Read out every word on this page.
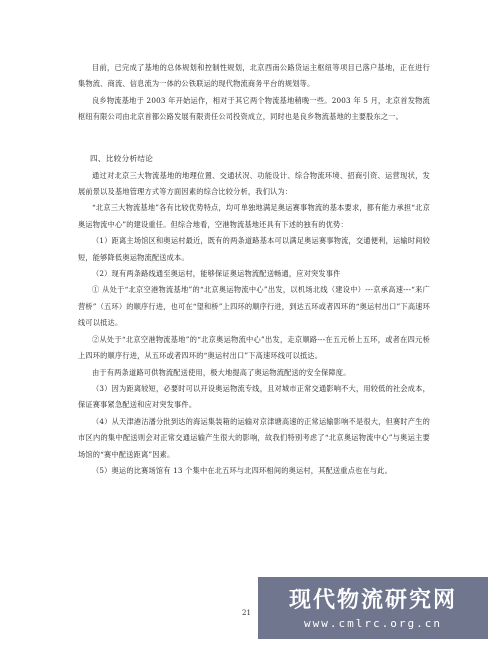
目前，已完成了基地的总体规划和控制性规划，北京西南公路货运主枢纽等项目已落户基地，正在进行集物流、商流、信息流为一体的公铁联运的现代物流商务平台的规划等。

良乡物流基地于 2003 年开始运作，相对于其它两个物流基地稍晚一些。2003 年 5 月，北京首发物流枢纽有限公司由北京首都公路发展有限责任公司投资成立，同时也是良乡物流基地的主要股东之一。

四、比较分析结论

通过对北京三大物流基地的地理位置、交通状况、功能设计、综合物流环境、招商引资、运营现状，发展前景以及基地管理方式等方面因素的综合比较分析，我们认为：

“北京三大物流基地”各有比较优势特点，均可单独地满足奥运赛事物流的基本要求，都有能力承担“北京奥运物流中心”的建设重任。但综合地看，空港物流基地还具有下述的独有的优势：

（1）距离主场馆区和奥运村最近，既有的两条道路基本可以满足奥运赛事物流，交通便利，运输时间较短，能够降低奥运物流配送成本。

（2）现有两条路线通至奥运村，能够保证奥运物流配送畅通，应对突发事件

① 从处于“北京空港物流基地”的“北京奥运物流中心”出发，以机场北线（建设中）---京承高速---“来广营桥”（五环）的顺序行进，也可在“望和桥”上四环的顺序行进，到达五环或者四环的“奥运村出口”下高速环线可以抵达。

②从处于“北京空港物流基地”的“北京奥运物流中心”出发，走京顺路---在五元桥上五环，或者在四元桥上四环的顺序行进，从五环或者四环的“奥运村出口”下高速环线可以抵达。

由于有两条道路可供物流配送使用，极大地提高了奥运物流配送的安全保障度。

（3）因为距离较短，必要时可以开设奥运物流专线，且对城市正常交通影响不大，用较低的社会成本，保证赛事紧急配送和应对突发事件。

（4）从天津港沽潘分批到达的海运集装箱的运输对京津塘高速的正常运输影响不是很大，但赛时产生的市区内的集中配送则会对正常交通运输产生很大的影响，故我们特别考虑了“北京奥运物流中心”与奥运主要场馆的“赛中配送距离”因素。

（5）奥运的比赛场馆有 13 个集中在北五环与北四环相间的奥运村，其配送重点也在与此。

21	现代物流研究网
www.cmlrc.org.cn
